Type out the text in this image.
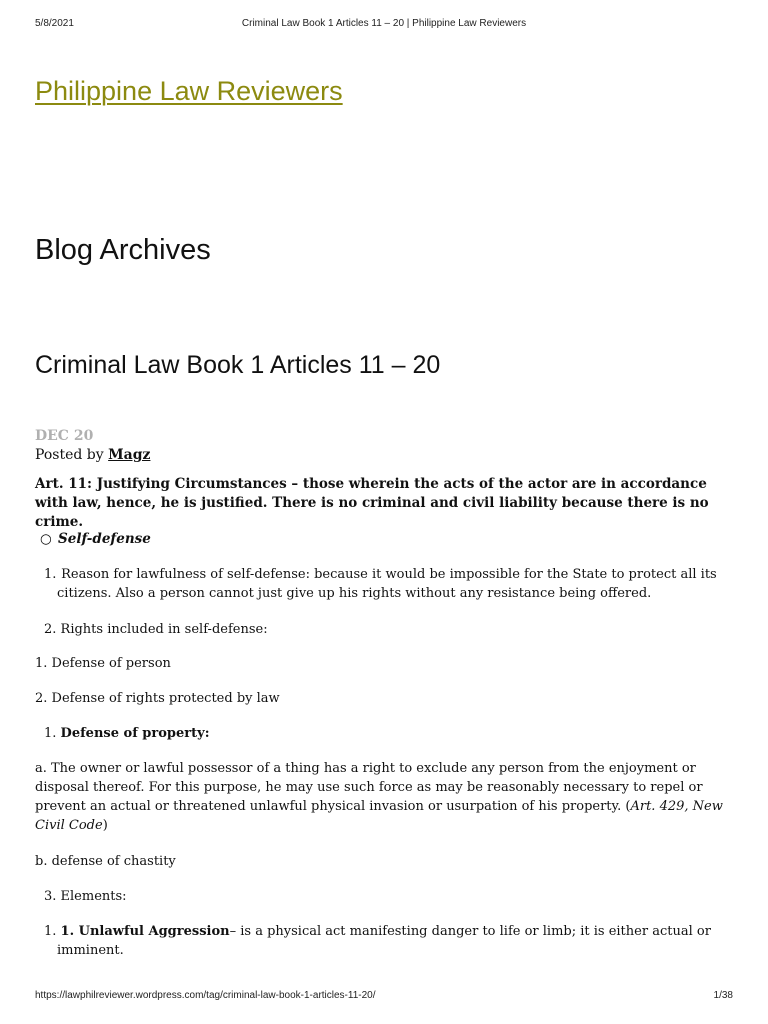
5/8/2021	Criminal Law Book 1 Articles 11 – 20 | Philippine Law Reviewers
Philippine Law Reviewers
Blog Archives
Criminal Law Book 1 Articles 11 – 20
DEC 20
Posted by Magz

Art. 11: Justifying Circumstances – those wherein the acts of the actor are in accordance with law, hence, he is justified. There is no criminal and civil liability because there is no crime.

○ Self-defense
1. Reason for lawfulness of self-defense: because it would be impossible for the State to protect all its
citizens. Also a person cannot just give up his rights without any resistance being offered.
2. Rights included in self-defense:
1. Defense of person
2. Defense of rights protected by law
1. Defense of property:

a. The owner or lawful possessor of a thing has a right to exclude any person from the enjoyment or disposal thereof. For this purpose, he may use such force as may be reasonably necessary to repel or prevent an actual or threatened unlawful physical invasion or usurpation of his property. (Art. 429, New Civil Code)

b. defense of chastity
3. Elements:
1. 1. Unlawful Aggression– is a physical act manifesting danger to life or limb; it is either actual or
imminent.
https://lawphilreviewer.wordpress.com/tag/criminal-law-book-1-articles-11-20/	1/38
